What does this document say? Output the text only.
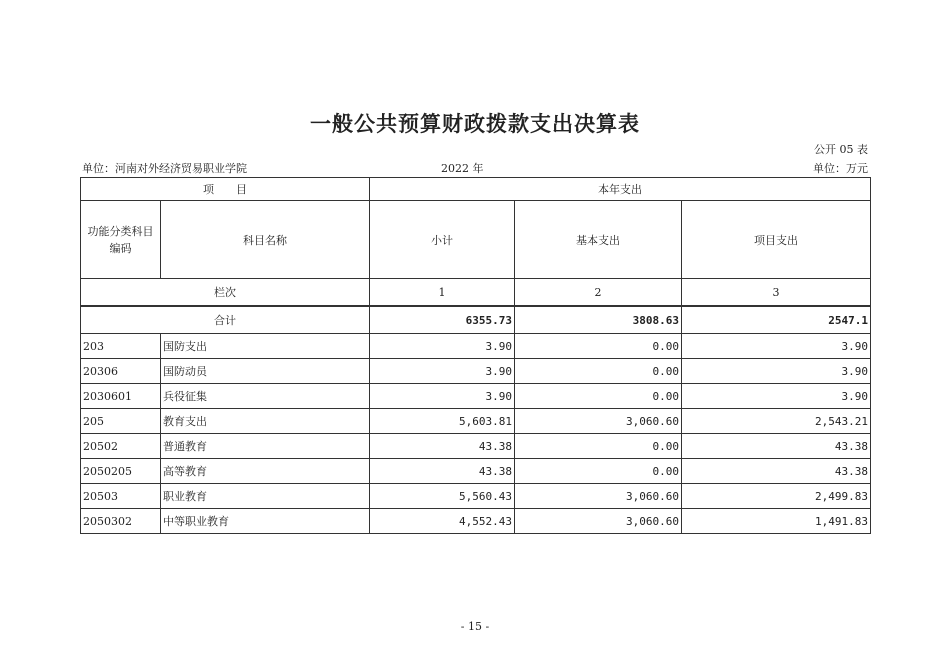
一般公共预算财政拨款支出决算表
公开 05 表
单位：河南对外经济贸易职业学院	2022 年	单位：万元
项　　目		本年支出		
功能分类科目编码	科目名称	小计	基本支出	项目支出
栏次		1	2	3
合计		6355.73	3808.63	2547.1
203	国防支出	3.90	0.00	3.90
20306	国防动员	3.90	0.00	3.90
2030601	兵役征集	3.90	0.00	3.90
205	教育支出	5,603.81	3,060.60	2,543.21
20502	普通教育	43.38	0.00	43.38
2050205	高等教育	43.38	0.00	43.38
20503	职业教育	5,560.43	3,060.60	2,499.83
2050302	中等职业教育	4,552.43	3,060.60	1,491.83
- 15 -
